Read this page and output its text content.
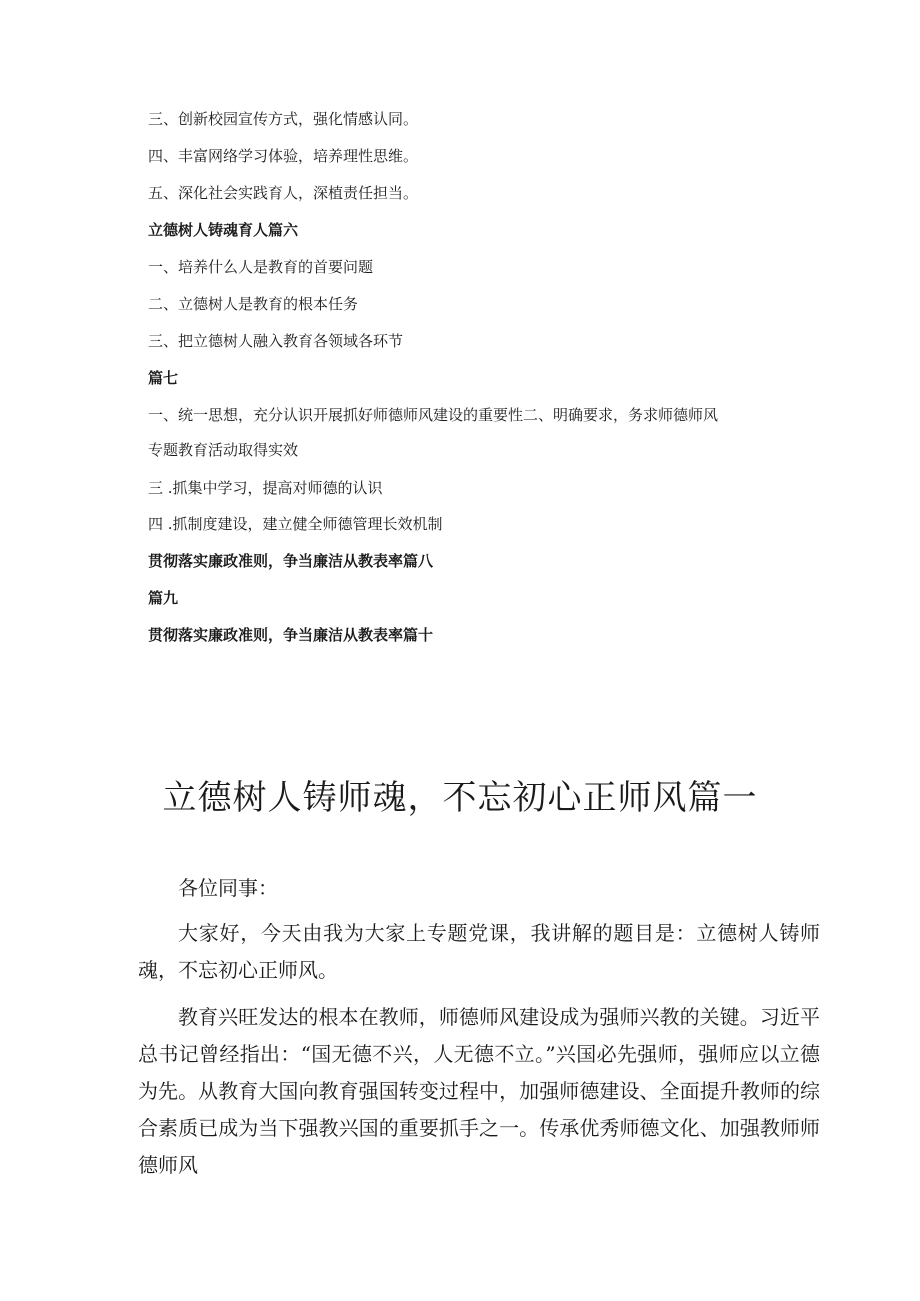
三、创新校园宣传方式，强化情感认同。
四、丰富网络学习体验，培养理性思维。
五、深化社会实践育人，深植责任担当。
立德树人铸魂育人篇六
一、培养什么人是教育的首要问题
二、立德树人是教育的根本任务
三、把立德树人融入教育各领域各环节
篇七
一、统一思想，充分认识开展抓好师德师风建设的重要性二、明确要求，务求师德师风
专题教育活动取得实效
三 .抓集中学习，提高对师德的认识
四 .抓制度建设，建立健全师德管理长效机制
贯彻落实廉政准则，争当廉洁从教表率篇八
篇九
贯彻落实廉政准则，争当廉洁从教表率篇十
立德树人铸师魂，不忘初心正师风篇一

各位同事：

大家好，今天由我为大家上专题党课，我讲解的题目是：立德树人铸师魂，不忘初心正师风。

教育兴旺发达的根本在教师，师德师风建设成为强师兴教的关键。习近平总书记曾经指出：“国无德不兴，人无德不立。”兴国必先强师，强师应以立德为先。从教育大国向教育强国转变过程中，加强师德建设、全面提升教师的综合素质已成为当下强教兴国的重要抓手之一。传承优秀师德文化、加强教师师德师风
